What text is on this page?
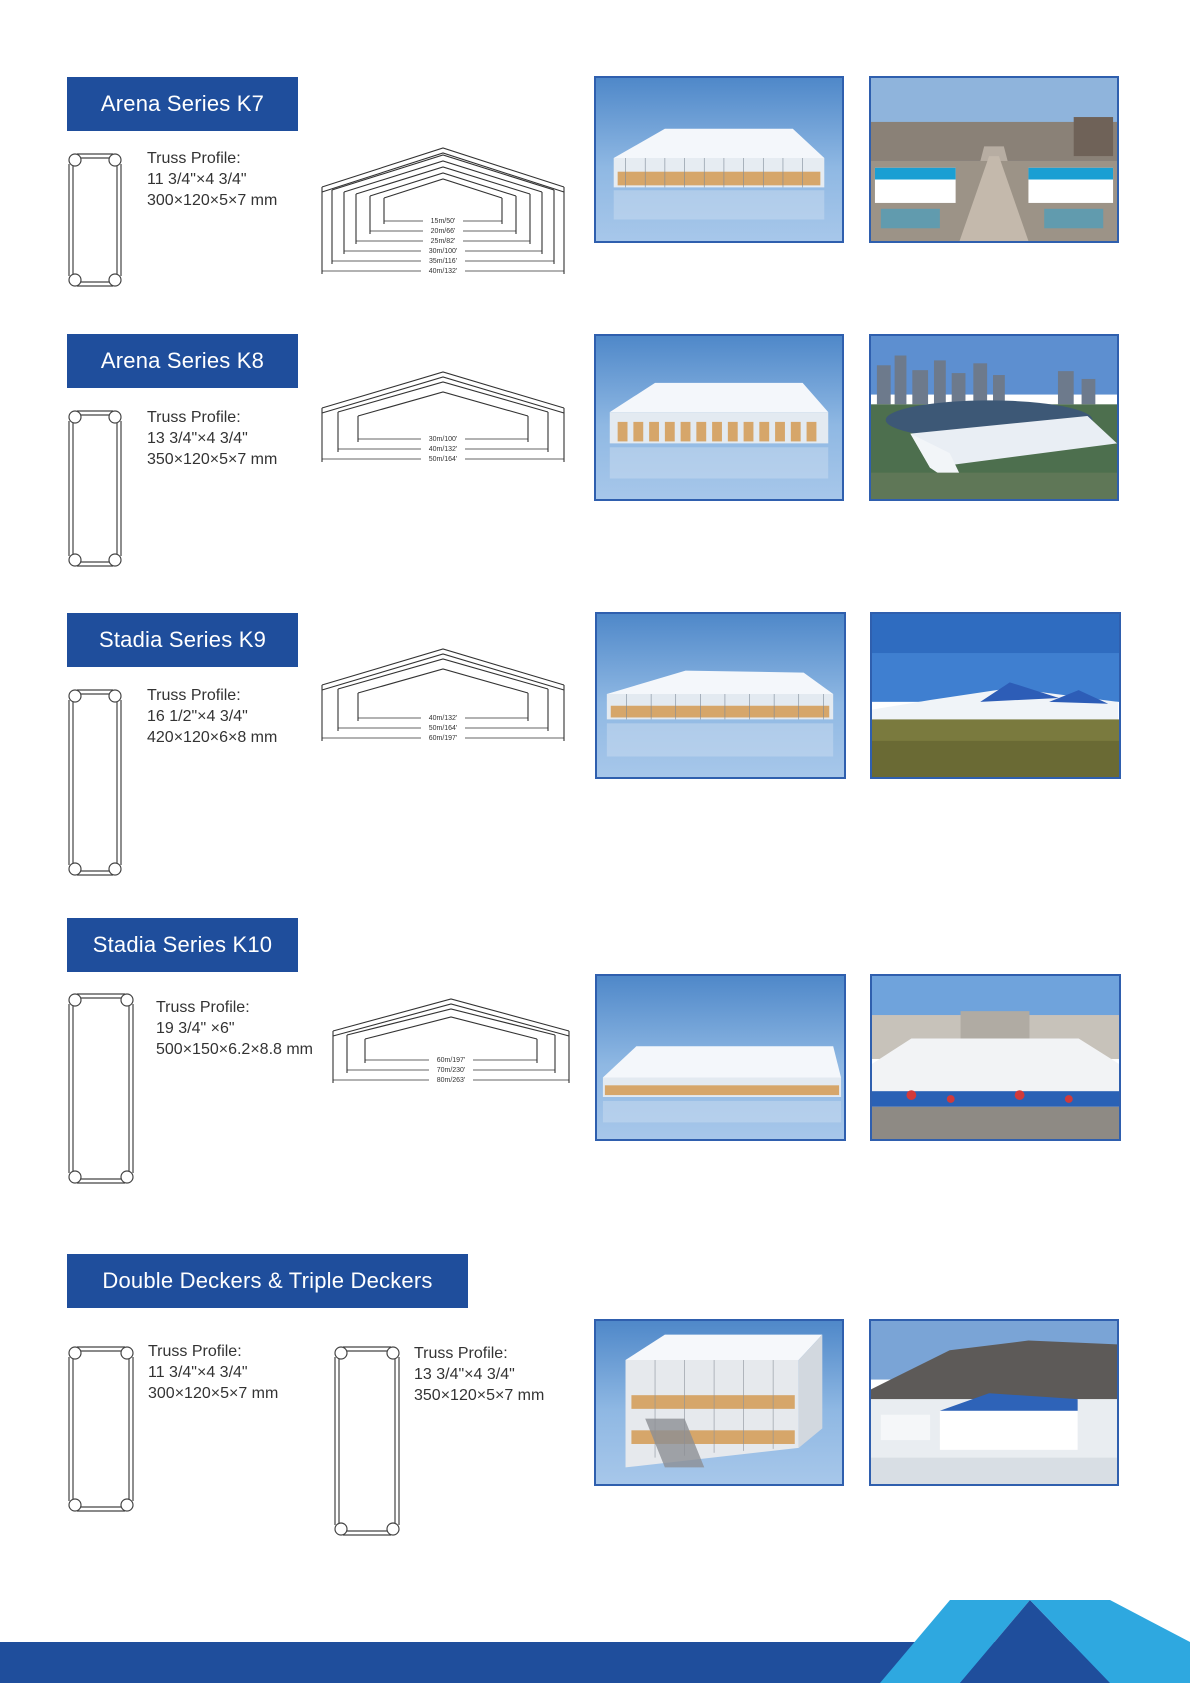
Arena Series K7
Truss Profile:
11 3/4"×4 3/4"
300×120×5×7 mm
15m/50'
20m/66'
25m/82'
30m/100'
35m/116'
40m/132'
Arena Series K8
Truss Profile:
13 3/4"×4 3/4"
350×120×5×7 mm
30m/100'
40m/132'
50m/164'
Stadia Series K9
Truss Profile:
16 1/2"×4 3/4"
420×120×6×8 mm
40m/132'
50m/164'
60m/197'
Stadia Series K10
Truss Profile:
19 3/4" ×6"
500×150×6.2×8.8 mm
60m/197'
70m/230'
80m/263'
Double Deckers & Triple Deckers
Truss Profile:
11 3/4"×4 3/4"
300×120×5×7 mm
Truss Profile:
13 3/4"×4 3/4"
350×120×5×7 mm
